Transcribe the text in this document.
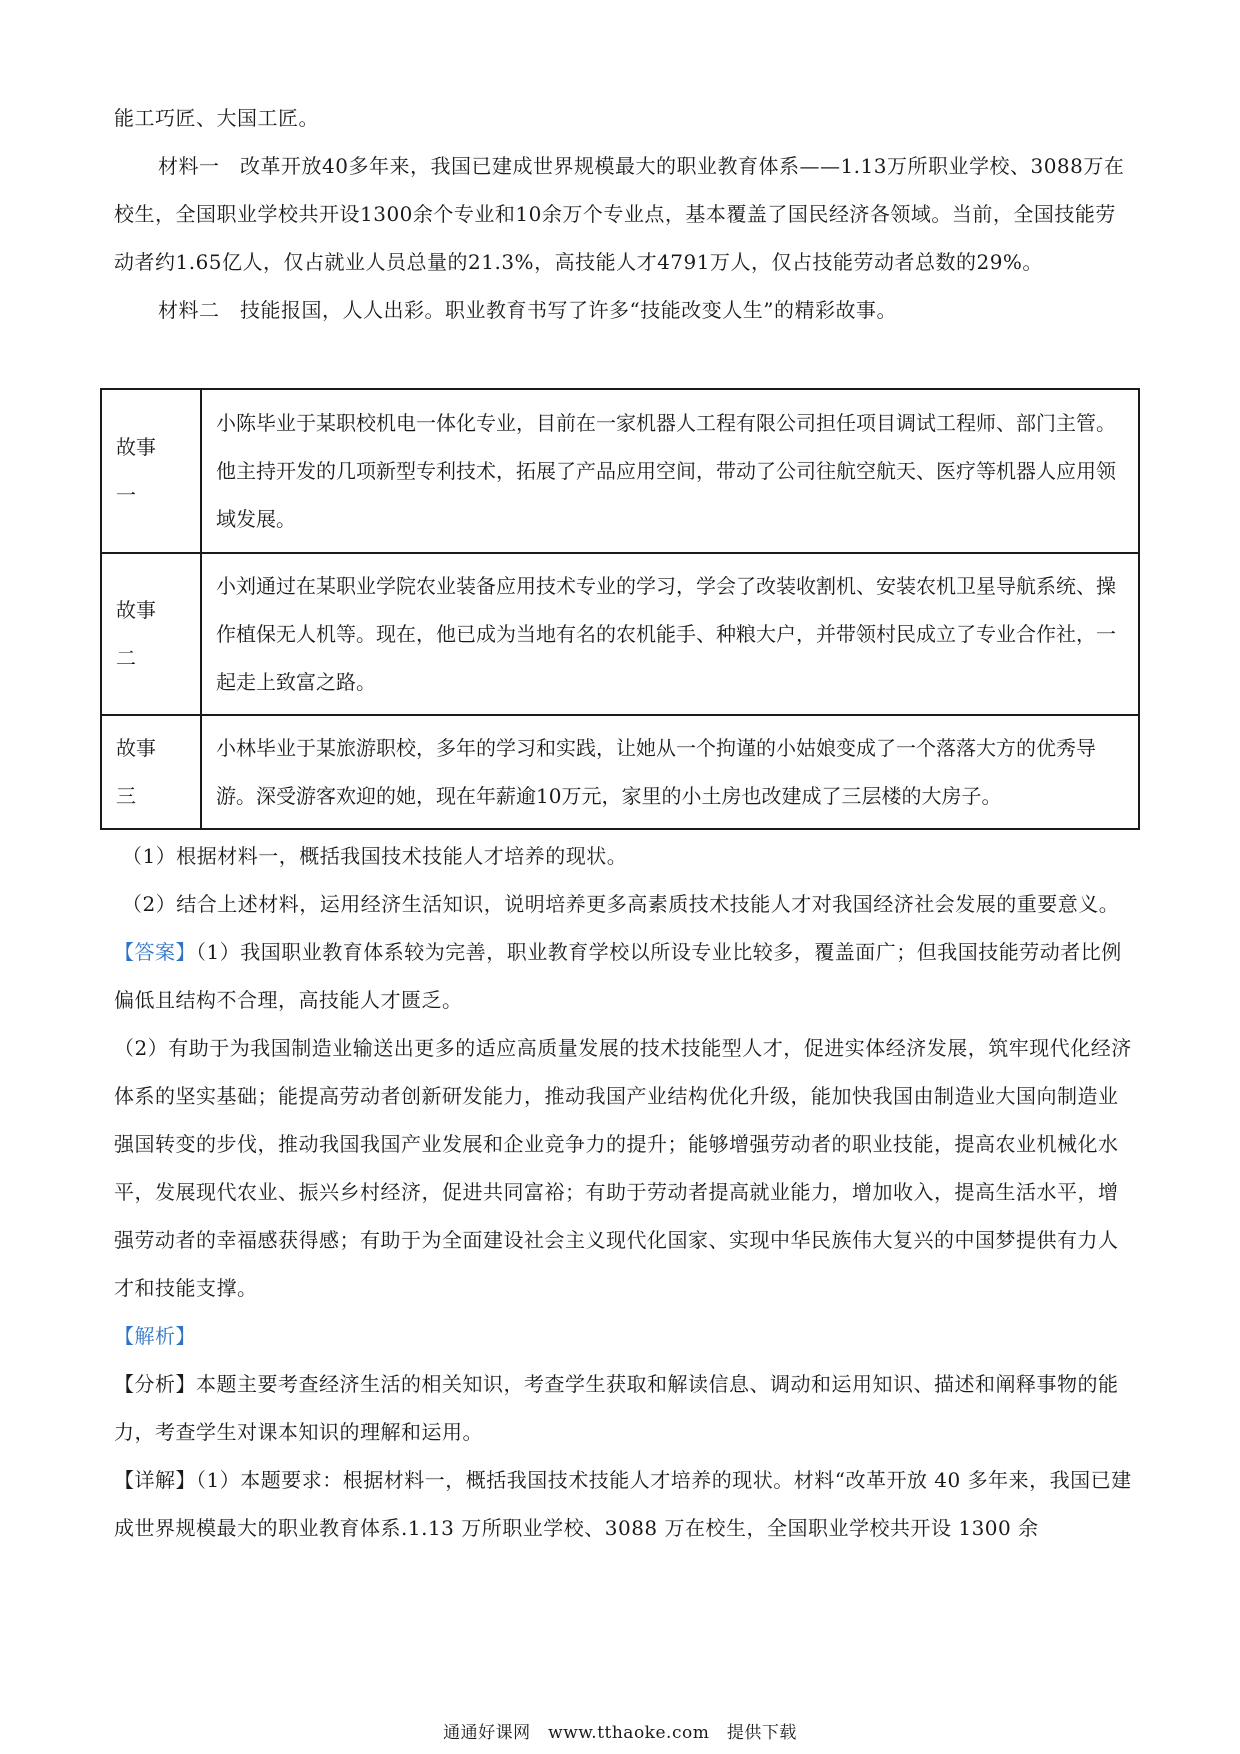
能工巧匠、大国工匠。

材料一　改革开放40多年来，我国已建成世界规模最大的职业教育体系——1.13万所职业学校、3088万在校生，全国职业学校共开设1300余个专业和10余万个专业点，基本覆盖了国民经济各领域。当前，全国技能劳动者约1.65亿人，仅占就业人员总量的21.3%，高技能人才4791万人，仅占技能劳动者总数的29%。

材料二　技能报国，人人出彩。职业教育书写了许多“技能改变人生”的精彩故事。

故事
一	小陈毕业于某职校机电一体化专业，目前在一家机器人工程有限公司担任项目调试工程师、部门主管。他主持开发的几项新型专利技术，拓展了产品应用空间，带动了公司往航空航天、医疗等机器人应用领域发展。

故事
二	小刘通过在某职业学院农业装备应用技术专业的学习，学会了改装收割机、安装农机卫星导航系统、操作植保无人机等。现在，他已成为当地有名的农机能手、种粮大户，并带领村民成立了专业合作社，一起走上致富之路。

故事
三	小林毕业于某旅游职校，多年的学习和实践，让她从一个拘谨的小姑娘变成了一个落落大方的优秀导游。深受游客欢迎的她，现在年薪逾10万元，家里的小土房也改建成了三层楼的大房子。

（1）根据材料一，概括我国技术技能人才培养的现状。

（2）结合上述材料，运用经济生活知识，说明培养更多高素质技术技能人才对我国经济社会发展的重要意义。

【答案】（1）我国职业教育体系较为完善，职业教育学校以所设专业比较多，覆盖面广；但我国技能劳动者比例偏低且结构不合理，高技能人才匮乏。

（2）有助于为我国制造业输送出更多的适应高质量发展的技术技能型人才，促进实体经济发展，筑牢现代化经济体系的坚实基础；能提高劳动者创新研发能力，推动我国产业结构优化升级，能加快我国由制造业大国向制造业强国转变的步伐，推动我国我国产业发展和企业竞争力的提升；能够增强劳动者的职业技能，提高农业机械化水平，发展现代农业、振兴乡村经济，促进共同富裕；有助于劳动者提高就业能力，增加收入，提高生活水平，增强劳动者的幸福感获得感；有助于为全面建设社会主义现代化国家、实现中华民族伟大复兴的中国梦提供有力人才和技能支撑。

【解析】

【分析】本题主要考查经济生活的相关知识，考查学生获取和解读信息、调动和运用知识、描述和阐释事物的能力，考查学生对课本知识的理解和运用。

【详解】（1）本题要求：根据材料一，概括我国技术技能人才培养的现状。材料“改革开放 40 多年来，我国已建成世界规模最大的职业教育体系.1.13 万所职业学校、3088 万在校生，全国职业学校共开设 1300 余

通通好课网　www.tthaoke.com　提供下载
